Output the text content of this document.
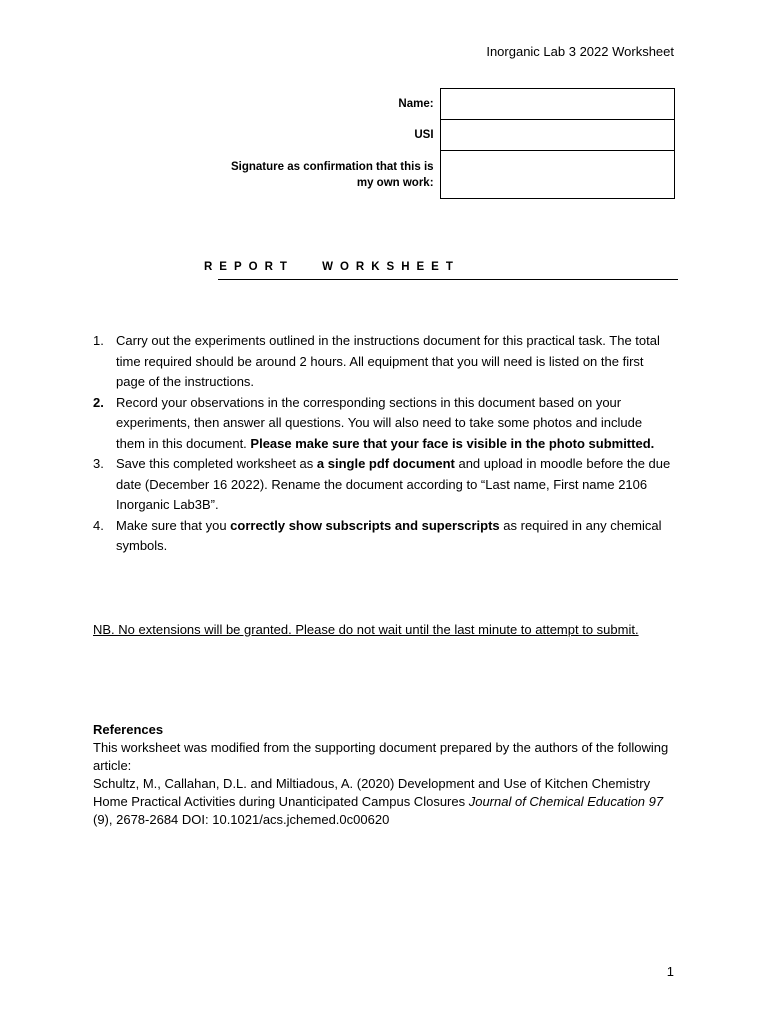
Inorganic Lab 3 2022 Worksheet
Name:	
USI	
Signature as confirmation that this is
my own work:	
REPORT WORKSHEET
1. Carry out the experiments outlined in the instructions document for this practical task. The total time required should be around 2 hours. All equipment that you will need is listed on the first page of the instructions.
2. Record your observations in the corresponding sections in this document based on your experiments, then answer all questions. You will also need to take some photos and include them in this document. Please make sure that your face is visible in the photo submitted.
3. Save this completed worksheet as a single pdf document and upload in moodle before the due date (December 16 2022). Rename the document according to “Last name, First name 2106 Inorganic Lab3B”.
4. Make sure that you correctly show subscripts and superscripts as required in any chemical symbols.
NB. No extensions will be granted. Please do not wait until the last minute to attempt to submit.

References

This worksheet was modified from the supporting document prepared by the authors of the following article:

Schultz, M., Callahan, D.L. and Miltiadous, A. (2020) Development and Use of Kitchen Chemistry Home Practical Activities during Unanticipated Campus Closures Journal of Chemical Education 97 (9), 2678-2684 DOI: 10.1021/acs.jchemed.0c00620

1
